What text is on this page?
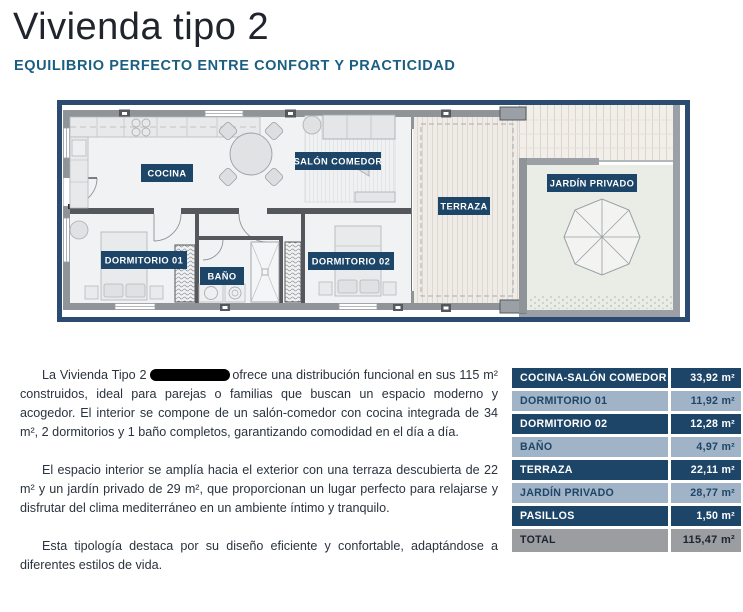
Vivienda tipo 2
EQUILIBRIO PERFECTO ENTRE CONFORT Y PRACTICIDAD
COCINA
SALÓN COMEDOR
TERRAZA
JARDÍN PRIVADO
DORMITORIO 01
BAÑO
DORMITORIO 02

La Vivienda Tipo 2	ofrece una distribución funcional en sus 115 m² construidos, ideal para parejas o familias que buscan un espacio moderno y acogedor. El interior se compone de un salón-comedor con cocina integrada de 34 m², 2 dormitorios y 1 baño completos, garantizando comodidad en el día a día.

El espacio interior se amplía hacia el exterior con una terraza descubierta de 22 m² y un jardín privado de 29 m², que proporcionan un lugar perfecto para relajarse y disfrutar del clima mediterráneo en un ambiente íntimo y tranquilo.

Esta tipología destaca por su diseño eficiente y confortable, adaptándose a diferentes estilos de vida.

COCINA-SALÓN COMEDOR	33,92 m²
DORMITORIO 01	11,92 m²
DORMITORIO 02	12,28 m²
BAÑO	4,97 m²
TERRAZA	22,11 m²
JARDÍN PRIVADO	28,77 m²
PASILLOS	1,50 m²
TOTAL	115,47 m²
